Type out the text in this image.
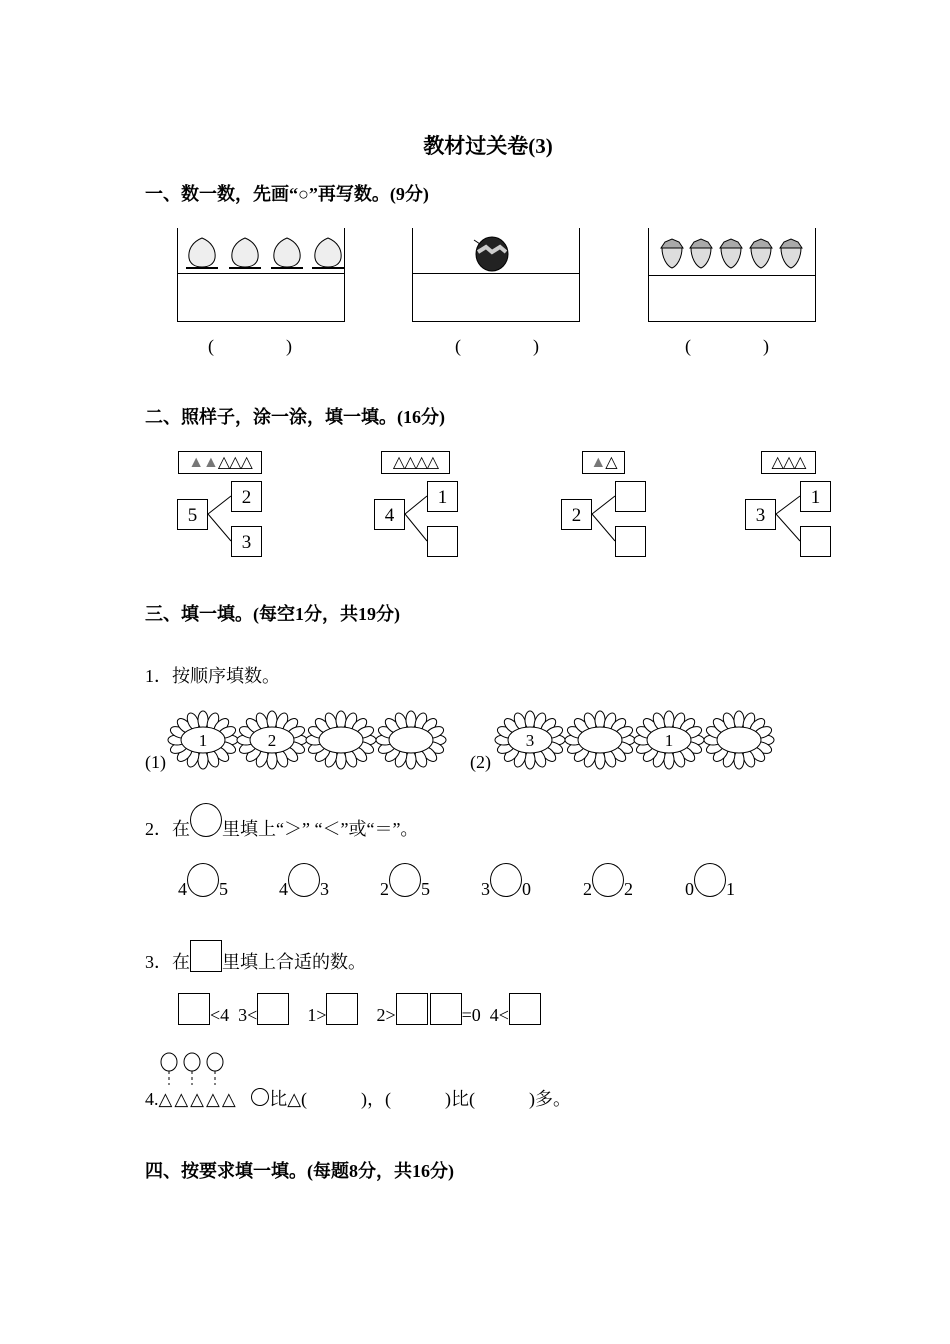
教材过关卷(3)
一、数一数，先画“○”再写数。(9分)
(　　　　)	(　　　　)	(　　　　)
二、照样子，涂一涂，填一填。(16分)
▲▲△△△
5
2
3
△△△△
4
1
▲△
2
△△△
3
1
三、填一填。(每空1分，共19分)
1．按顺序填数。
(1)	(2)
1	2	3	1
2．在 里填上“＞” “＜”或“＝”。
4 5	4 3	2 5	3 0	2 2	0 1
3．在 里填上合适的数。
<4 3<	1>	2>	=0 4<
4.△△△△△ 比△(　　　)，(　　　)比(　　　)多。
四、按要求填一填。(每题8分，共16分)
